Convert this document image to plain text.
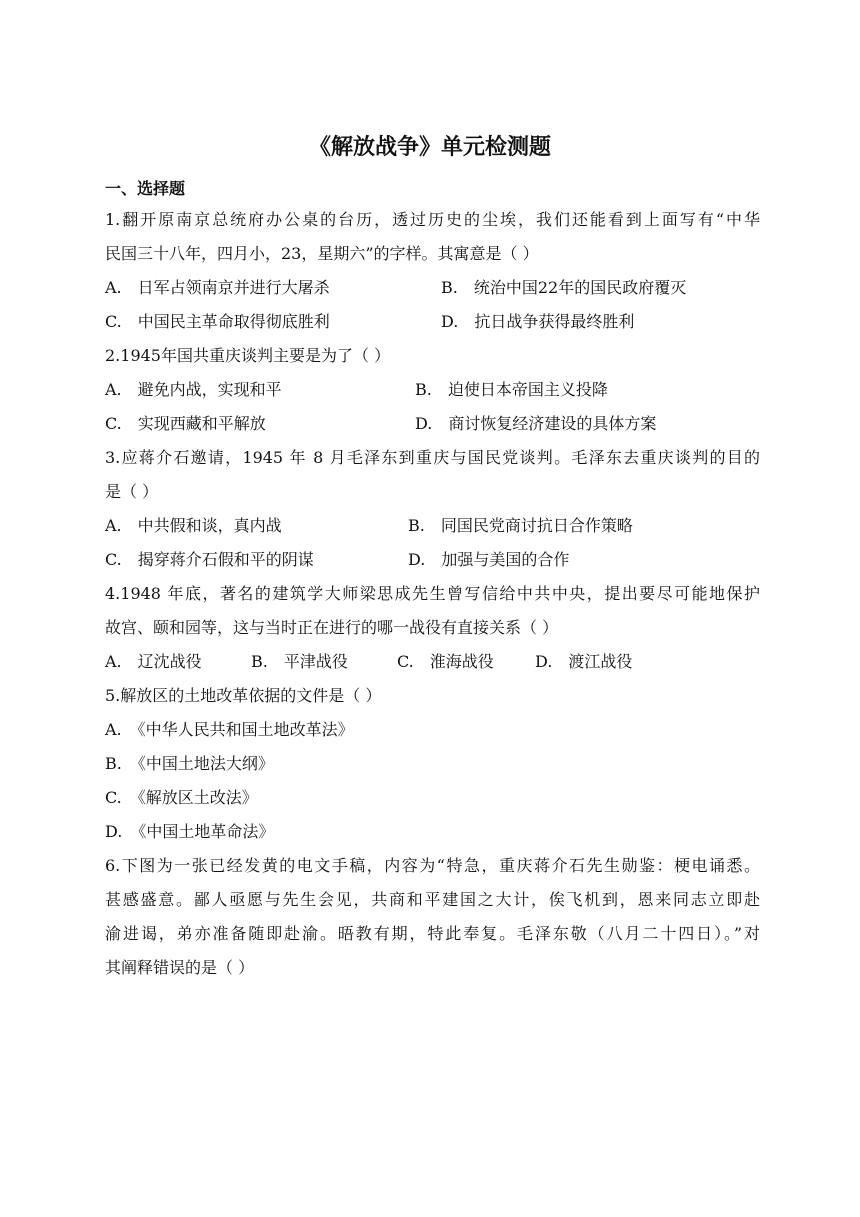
《解放战争》单元检测题
一、选择题
1.翻开原南京总统府办公桌的台历，透过历史的尘埃，我们还能看到上面写有“中华
民国三十八年，四月小，23，星期六”的字样。其寓意是（ ）
A.　日军占领南京并进行大屠杀	B.　统治中国22年的国民政府覆灭
C.　中国民主革命取得彻底胜利	D.　抗日战争获得最终胜利
2.1945年国共重庆谈判主要是为了（ ）
A.　避免内战，实现和平	B.　迫使日本帝国主义投降
C.　实现西藏和平解放	D.　商讨恢复经济建设的具体方案
3.应蒋介石邀请，1945 年 8 月毛泽东到重庆与国民党谈判。毛泽东去重庆谈判的目的
是（ ）
A.　中共假和谈，真内战	B.　同国民党商讨抗日合作策略
C.　揭穿蒋介石假和平的阴谋	D.　加强与美国的合作
4.1948 年底，著名的建筑学大师梁思成先生曾写信给中共中央，提出要尽可能地保护
故宫、颐和园等，这与当时正在进行的哪一战役有直接关系（ ）
A.　辽沈战役	B.　平津战役	C.　淮海战役	D.　渡江战役
5.解放区的土地改革依据的文件是（ ）
A.　《中华人民共和国土地改革法》
B.　《中国土地法大纲》
C.　《解放区土改法》
D.　《中国土地革命法》
6.下图为一张已经发黄的电文手稿，内容为“特急，重庆蒋介石先生勋鉴：梗电诵悉。
甚感盛意。鄙人亟愿与先生会见，共商和平建国之大计，俟飞机到，恩来同志立即赴
渝进谒，弟亦准备随即赴渝。晤教有期，特此奉复。毛泽东敬（八月二十四日）。”对
其阐释错误的是（ ）
